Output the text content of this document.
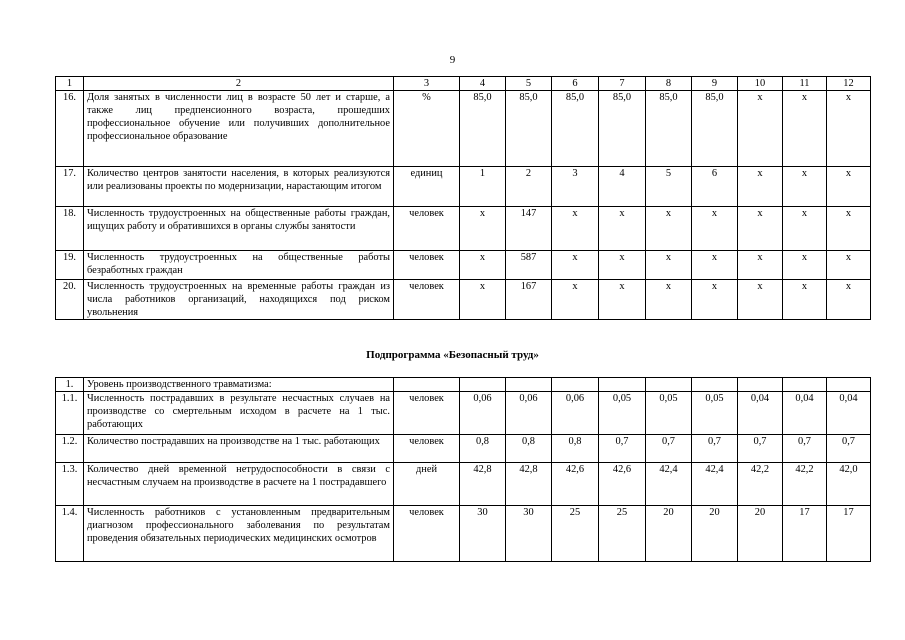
9
1	2	3	4	5	6	7	8	9	10	11	12
16.	Доля занятых в численности лиц в возрасте 50 лет и старше, а также лиц предпенсионного возраста, прошедших профессиональное обучение или получивших дополнительное профессиональное образование	%	85,0	85,0	85,0	85,0	85,0	85,0	х	х	х
17.	Количество центров занятости населения, в которых реализуются или реализованы проекты по модернизации, нарастающим итогом	единиц	1	2	3	4	5	6	х	х	х
18.	Численность трудоустроенных на общественные работы граждан, ищущих работу и обратившихся в органы службы занятости	человек	х	147	х	х	х	х	х	х	х
19.	Численность трудоустроенных на общественные работы безработных граждан	человек	х	587	х	х	х	х	х	х	х
20.	Численность трудоустроенных на временные работы граждан из числа работников организаций, находящихся под риском увольнения	человек	х	167	х	х	х	х	х	х	х
Подпрограмма «Безопасный труд»
1.	Уровень производственного травматизма:										
1.1.	Численность пострадавших в результате несчастных случаев на производстве со смертельным исходом в расчете на 1 тыс. работающих	человек	0,06	0,06	0,06	0,05	0,05	0,05	0,04	0,04	0,04
1.2.	Количество пострадавших на производстве на 1 тыс. работающих	человек	0,8	0,8	0,8	0,7	0,7	0,7	0,7	0,7	0,7
1.3.	Количество дней временной нетрудоспособности в связи с несчастным случаем на производстве в расчете на 1 пострадавшего	дней	42,8	42,8	42,6	42,6	42,4	42,4	42,2	42,2	42,0
1.4.	Численность работников с установленным предварительным диагнозом профессионального заболевания по результатам проведения обязательных периодических медицинских осмотров	человек	30	30	25	25	20	20	20	17	17
